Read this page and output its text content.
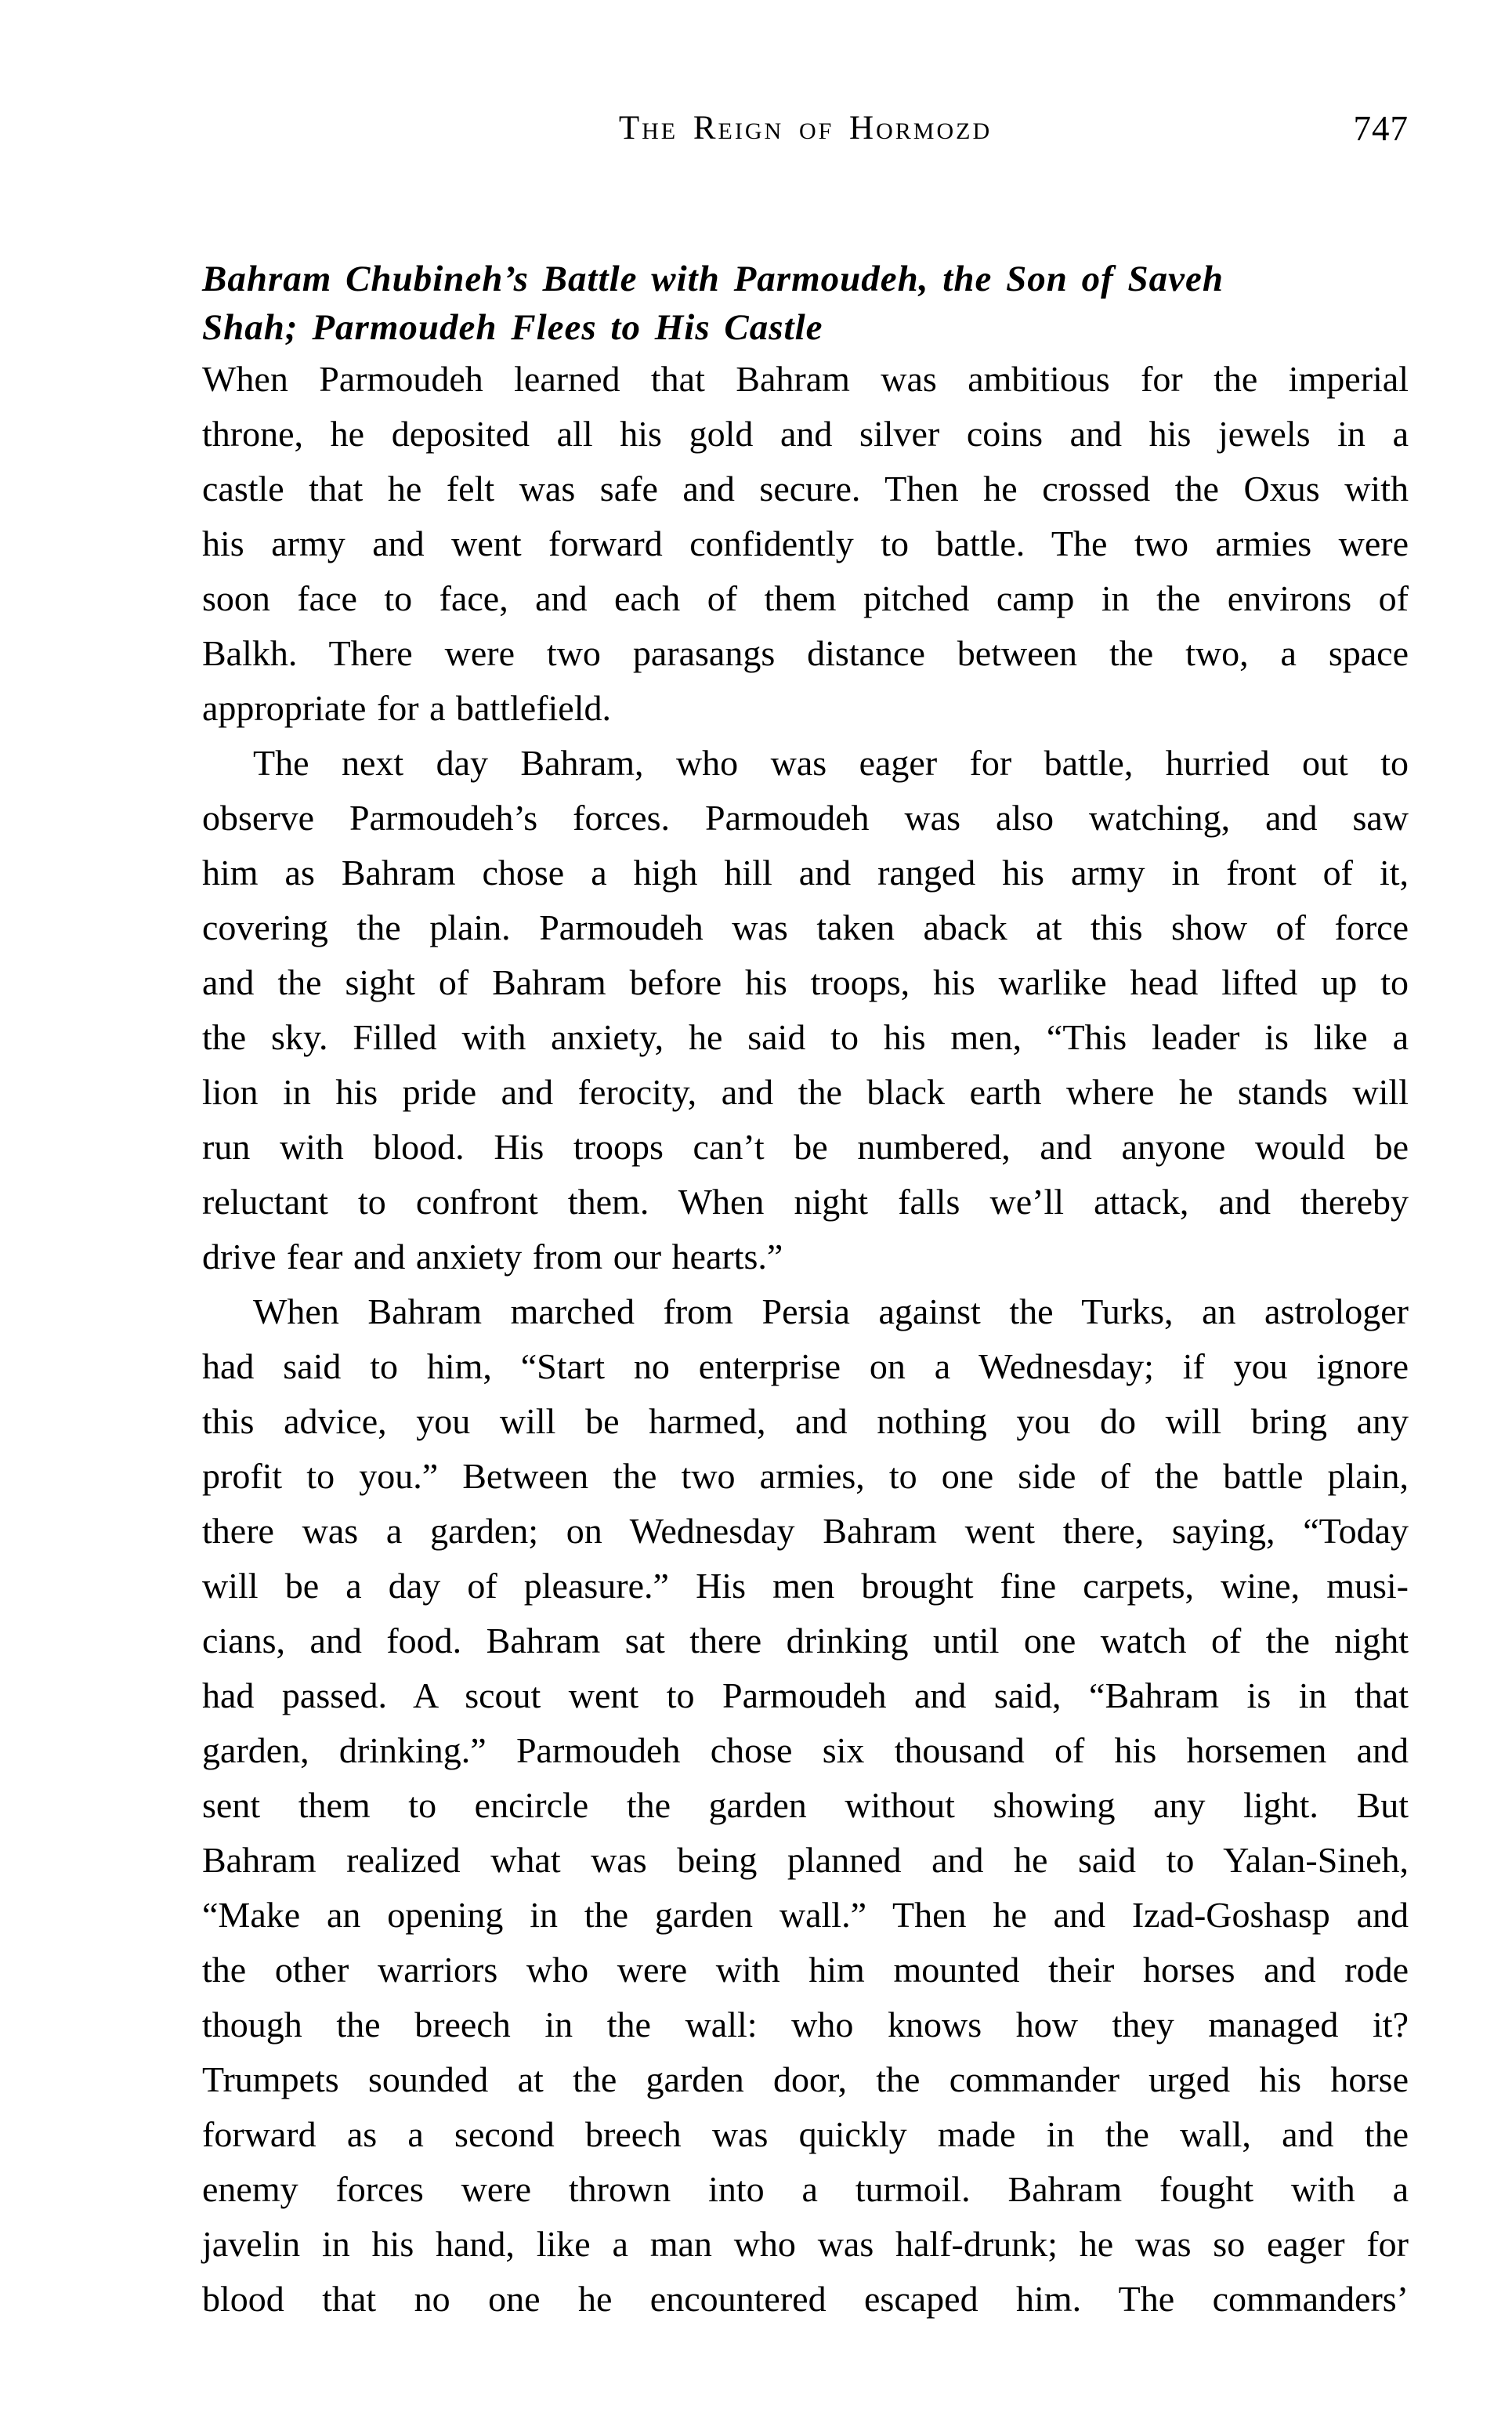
The Reign of Hormozd	747
Bahram Chubineh’s Battle with Parmoudeh, the Son of Saveh
Shah; Parmoudeh Flees to His Castle
When Parmoudeh learned that Bahram was ambitious for the imperial
throne, he deposited all his gold and silver coins and his jewels in a
castle that he felt was safe and secure. Then he crossed the Oxus with
his army and went forward confidently to battle. The two armies were
soon face to face, and each of them pitched camp in the environs of
Balkh. There were two parasangs distance between the two, a space
appropriate for a battlefield.
The next day Bahram, who was eager for battle, hurried out to
observe Parmoudeh’s forces. Parmoudeh was also watching, and saw
him as Bahram chose a high hill and ranged his army in front of it,
covering the plain. Parmoudeh was taken aback at this show of force
and the sight of Bahram before his troops, his warlike head lifted up to
the sky. Filled with anxiety, he said to his men, “This leader is like a
lion in his pride and ferocity, and the black earth where he stands will
run with blood. His troops can’t be numbered, and anyone would be
reluctant to confront them. When night falls we’ll attack, and thereby
drive fear and anxiety from our hearts.”
When Bahram marched from Persia against the Turks, an astrologer
had said to him, “Start no enterprise on a Wednesday; if you ignore
this advice, you will be harmed, and nothing you do will bring any
profit to you.” Between the two armies, to one side of the battle plain,
there was a garden; on Wednesday Bahram went there, saying, “Today
will be a day of pleasure.” His men brought fine carpets, wine, musi-
cians, and food. Bahram sat there drinking until one watch of the night
had passed. A scout went to Parmoudeh and said, “Bahram is in that
garden, drinking.” Parmoudeh chose six thousand of his horsemen and
sent them to encircle the garden without showing any light. But
Bahram realized what was being planned and he said to Yalan-Sineh,
“Make an opening in the garden wall.” Then he and Izad-Goshasp and
the other warriors who were with him mounted their horses and rode
though the breech in the wall: who knows how they managed it?
Trumpets sounded at the garden door, the commander urged his horse
forward as a second breech was quickly made in the wall, and the
enemy forces were thrown into a turmoil. Bahram fought with a
javelin in his hand, like a man who was half-drunk; he was so eager for
blood that no one he encountered escaped him. The commanders’
